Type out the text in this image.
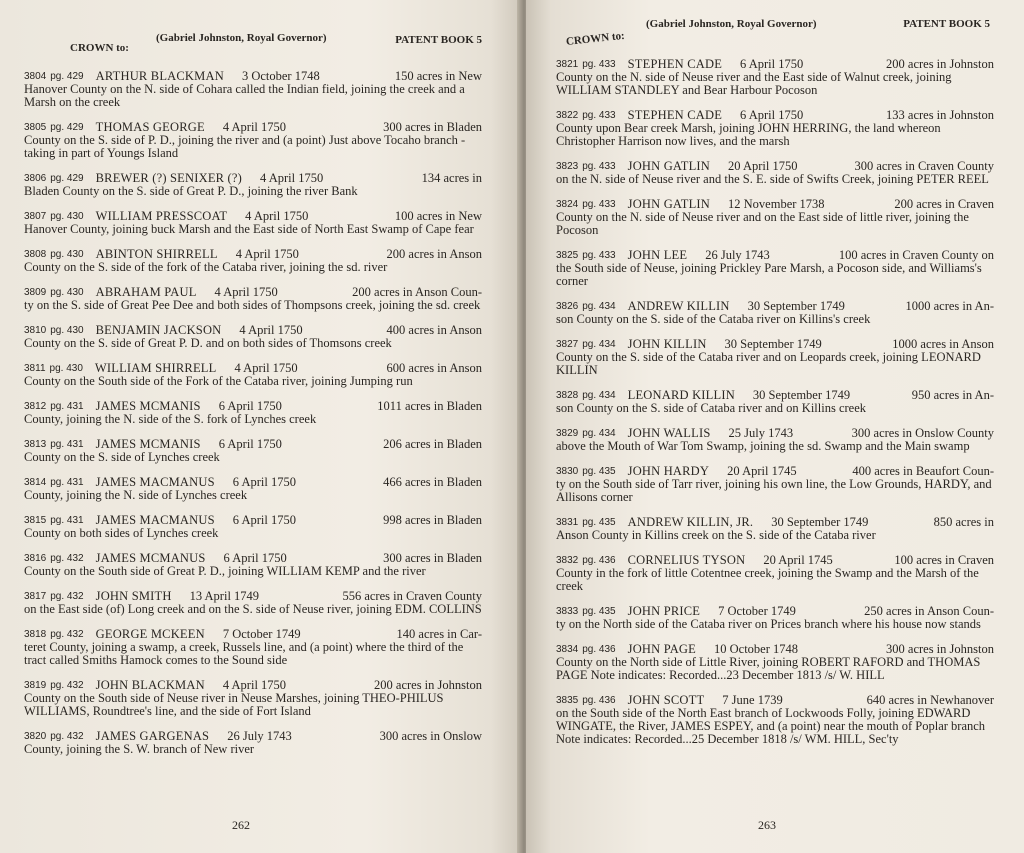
CROWN to:
(Gabriel Johnston, Royal Governor)	PATENT BOOK 5
3804 pg. 429 ARTHUR BLACKMAN 3 October 1748	150 acres in New
Hanover County on the N. side of Cohara called the Indian field, joining the creek and a Marsh on the creek
3805 pg. 429 THOMAS GEORGE 4 April 1750	300 acres in Bladen
County on the S. side of P. D., joining the river and (a point) Just above Tocaho branch - taking in part of Youngs Island
3806 pg. 429 BREWER (?) SENIXER (?) 4 April 1750	134 acres in
Bladen County on the S. side of Great P. D., joining the river Bank
3807 pg. 430 WILLIAM PRESSCOAT 4 April 1750	100 acres in New
Hanover County, joining buck Marsh and the East side of North East Swamp of Cape fear
3808 pg. 430 ABINTON SHIRRELL 4 April 1750	200 acres in Anson
County on the S. side of the fork of the Cataba river, joining the sd. river
3809 pg. 430 ABRAHAM PAUL 4 April 1750	200 acres in Anson Coun-
ty on the S. side of Great Pee Dee and both sides of Thompsons creek, joining the sd. creek
3810 pg. 430 BENJAMIN JACKSON 4 April 1750	400 acres in Anson
County on the S. side of Great P. D. and on both sides of Thomsons creek
3811 pg. 430 WILLIAM SHIRRELL 4 April 1750	600 acres in Anson
County on the South side of the Fork of the Cataba river, joining Jumping run
3812 pg. 431 JAMES MCMANIS 6 April 1750	1011 acres in Bladen
County, joining the N. side of the S. fork of Lynches creek
3813 pg. 431 JAMES MCMANIS 6 April 1750	206 acres in Bladen
County on the S. side of Lynches creek
3814 pg. 431 JAMES MACMANUS 6 April 1750	466 acres in Bladen
County, joining the N. side of Lynches creek
3815 pg. 431 JAMES MACMANUS 6 April 1750	998 acres in Bladen
County on both sides of Lynches creek
3816 pg. 432 JAMES MCMANUS 6 April 1750	300 acres in Bladen
County on the South side of Great P. D., joining WILLIAM KEMP and the river
3817 pg. 432 JOHN SMITH 13 April 1749	556 acres in Craven County
on the East side (of) Long creek and on the S. side of Neuse river, joining EDM. COLLINS
3818 pg. 432 GEORGE MCKEEN 7 October 1749	140 acres in Car-
teret County, joining a swamp, a creek, Russels line, and (a point) where the third of the tract called Smiths Hamock comes to the Sound side
3819 pg. 432 JOHN BLACKMAN 4 April 1750	200 acres in Johnston
County on the South side of Neuse river in Neuse Marshes, joining THEO-PHILUS WILLIAMS, Roundtree's line, and the side of Fort Island
3820 pg. 432 JAMES GARGENAS 26 July 1743	300 acres in Onslow
County, joining the S. W. branch of New river
262
CROWN to:
(Gabriel Johnston, Royal Governor)	PATENT BOOK 5
3821 pg. 433 STEPHEN CADE 6 April 1750	200 acres in Johnston
County on the N. side of Neuse river and the East side of Walnut creek, joining WILLIAM STANDLEY and Bear Harbour Pocoson
3822 pg. 433 STEPHEN CADE 6 April 1750	133 acres in Johnston
County upon Bear creek Marsh, joining JOHN HERRING, the land whereon Christopher Harrison now lives, and the marsh
3823 pg. 433 JOHN GATLIN 20 April 1750	300 acres in Craven County
on the N. side of Neuse river and the S. E. side of Swifts Creek, joining PETER REEL
3824 pg. 433 JOHN GATLIN 12 November 1738	200 acres in Craven
County on the N. side of Neuse river and on the East side of little river, joining the Pocoson
3825 pg. 433 JOHN LEE 26 July 1743	100 acres in Craven County on
the South side of Neuse, joining Prickley Pare Marsh, a Pocoson side, and Williams's corner
3826 pg. 434 ANDREW KILLIN 30 September 1749	1000 acres in An-
son County on the S. side of the Cataba river on Killins's creek
3827 pg. 434 JOHN KILLIN 30 September 1749	1000 acres in Anson
County on the S. side of the Cataba river and on Leopards creek, joining LEONARD KILLIN
3828 pg. 434 LEONARD KILLIN 30 September 1749	950 acres in An-
son County on the S. side of Cataba river and on Killins creek
3829 pg. 434 JOHN WALLIS 25 July 1743	300 acres in Onslow County
above the Mouth of War Tom Swamp, joining the sd. Swamp and the Main swamp
3830 pg. 435 JOHN HARDY 20 April 1745	400 acres in Beaufort Coun-
ty on the South side of Tarr river, joining his own line, the Low Grounds, HARDY, and Allisons corner
3831 pg. 435 ANDREW KILLIN, JR. 30 September 1749	850 acres in
Anson County in Killins creek on the S. side of the Cataba river
3832 pg. 436 CORNELIUS TYSON 20 April 1745	100 acres in Craven
County in the fork of little Cotentnee creek, joining the Swamp and the Marsh of the creek
3833 pg. 435 JOHN PRICE 7 October 1749	250 acres in Anson Coun-
ty on the North side of the Cataba river on Prices branch where his house now stands
3834 pg. 436 JOHN PAGE 10 October 1748	300 acres in Johnston
County on the North side of Little River, joining ROBERT RAFORD and THOMAS PAGE Note indicates: Recorded...23 December 1813 /s/ W. HILL
3835 pg. 436 JOHN SCOTT 7 June 1739	640 acres in Newhanover
on the South side of the North East branch of Lockwoods Folly, joining EDWARD WINGATE, the River, JAMES ESPEY, and (a point) near the mouth of Poplar branch Note indicates: Recorded...25 December 1818 /s/ WM. HILL, Sec'ty
263
